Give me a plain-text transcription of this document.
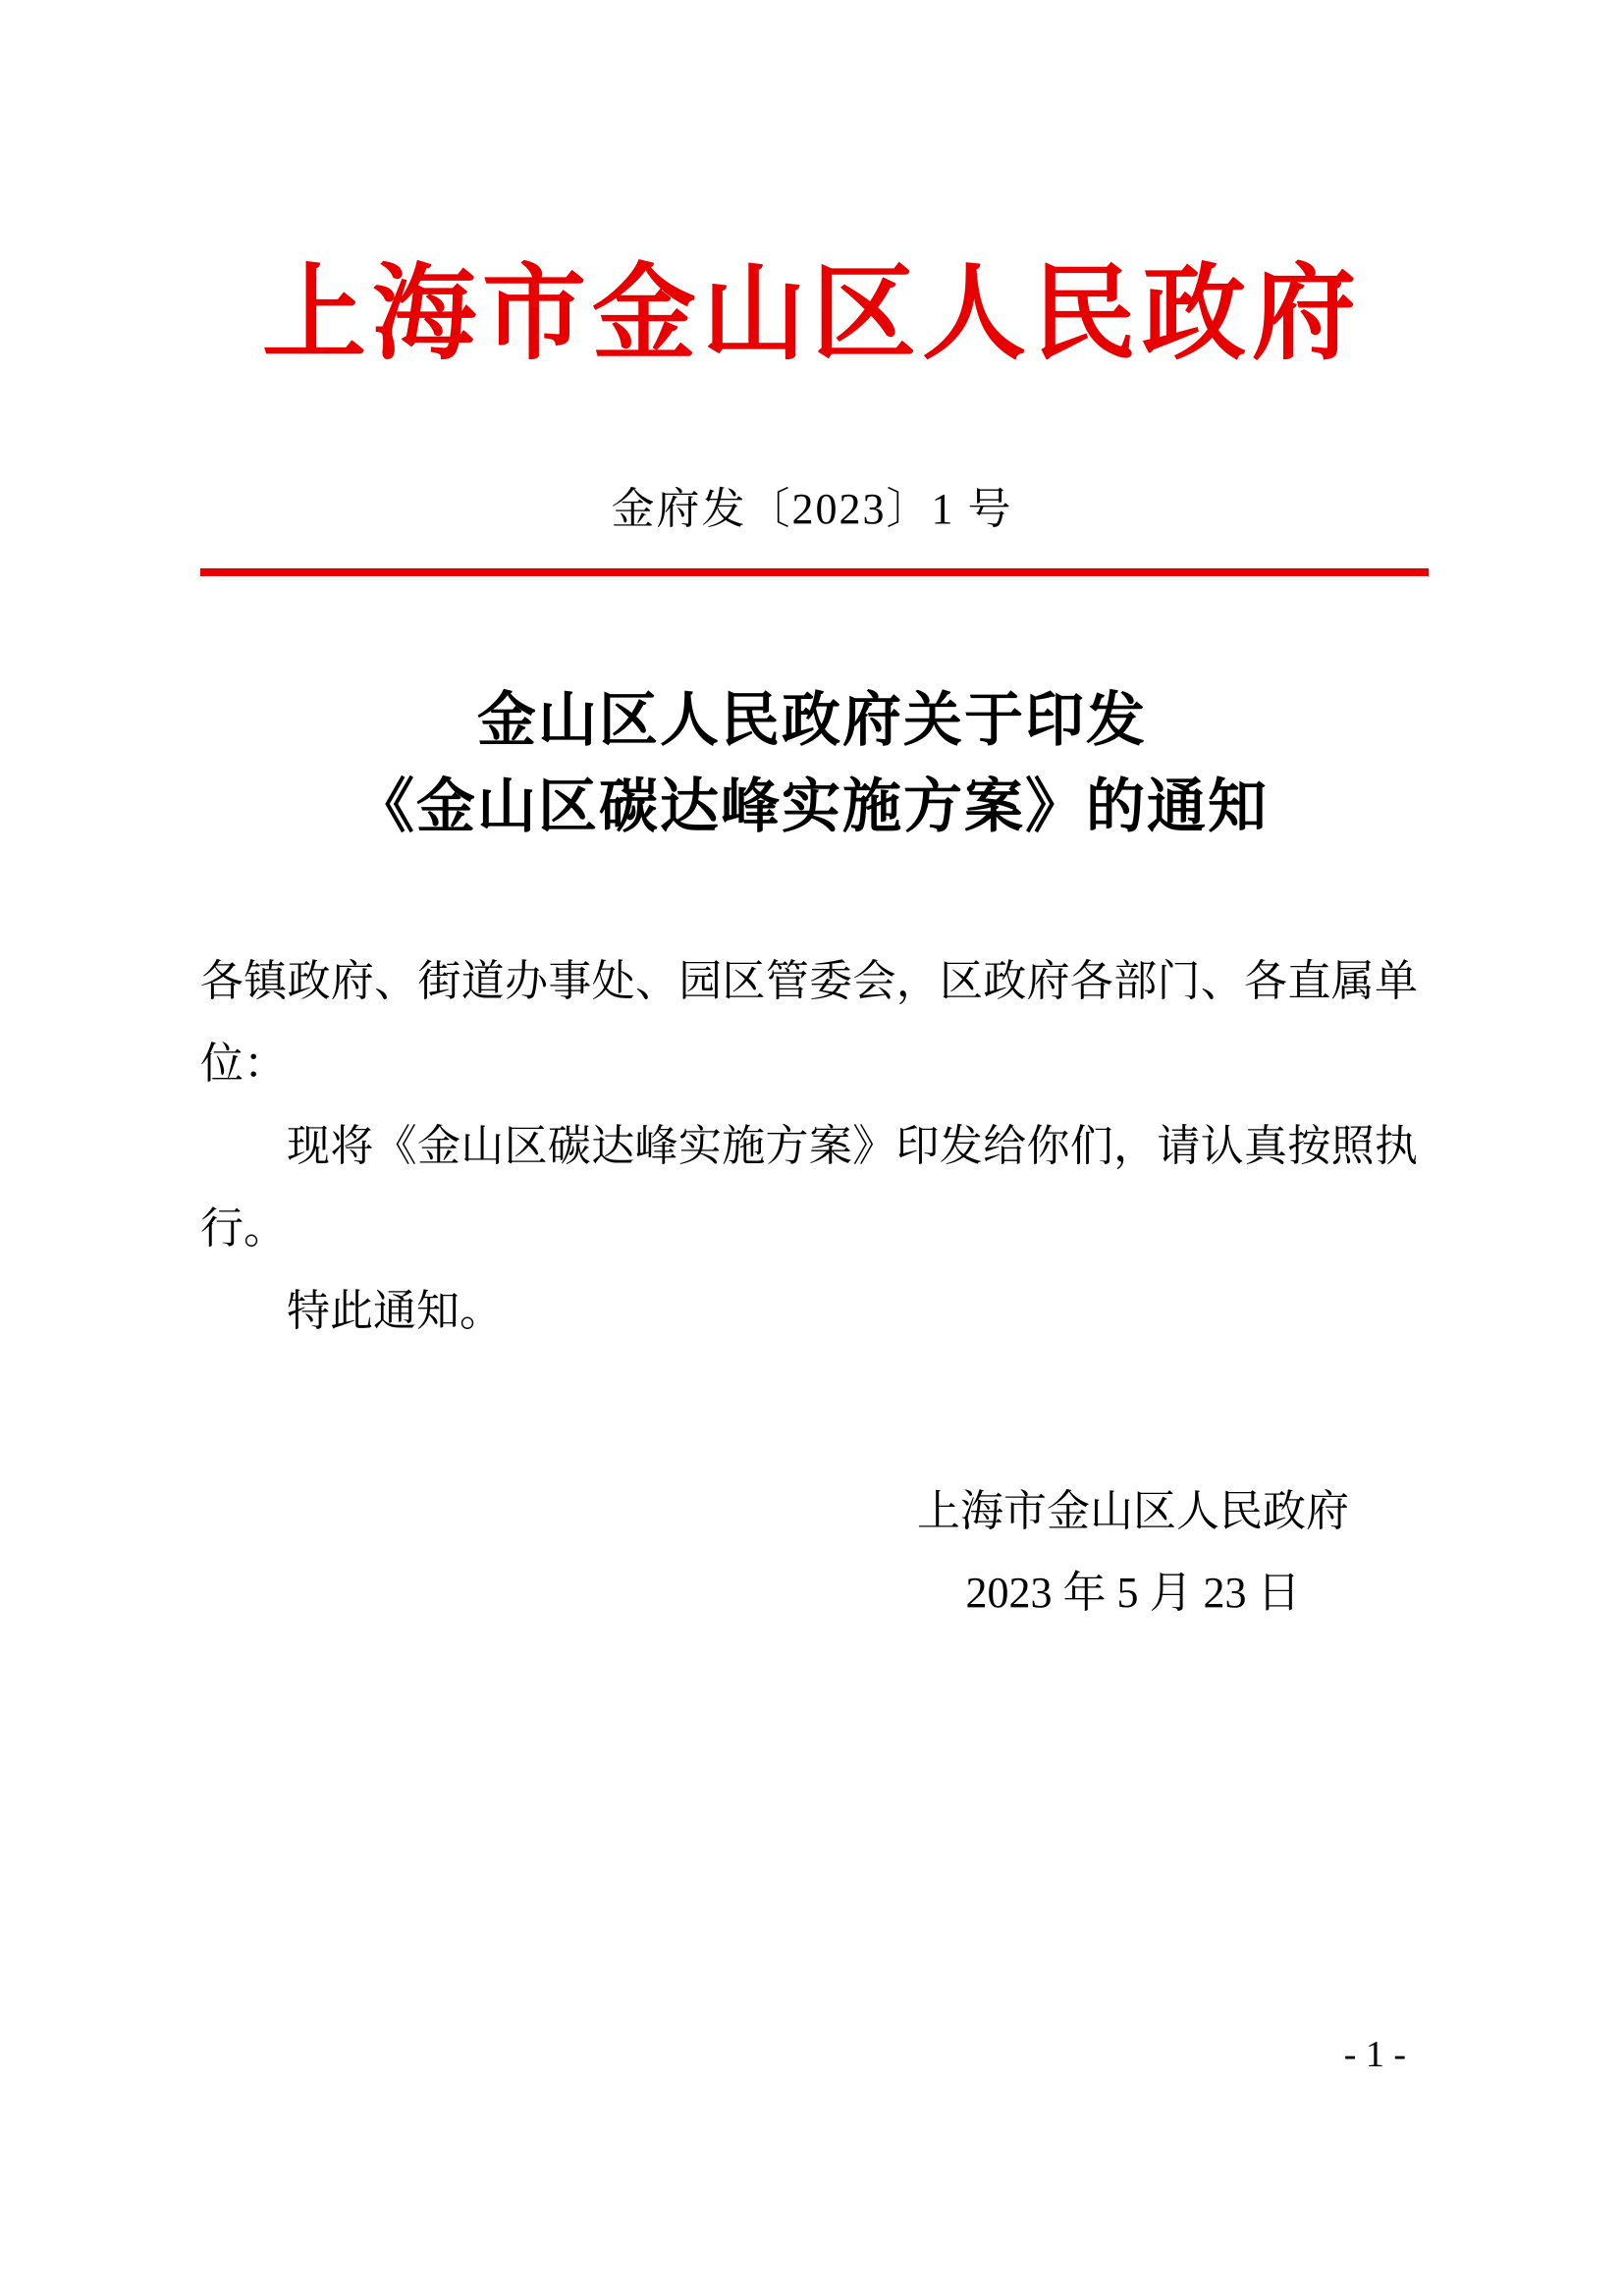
上海市金山区人民政府
金府发〔2023〕1 号
金山区人民政府关于印发
《金山区碳达峰实施方案》的通知

各镇政府、街道办事处、园区管委会，区政府各部门、各直属单位：

现将《金山区碳达峰实施方案》印发给你们，请认真按照执行。

特此通知。

上海市金山区人民政府
2023 年 5 月 23 日
- 1 -
